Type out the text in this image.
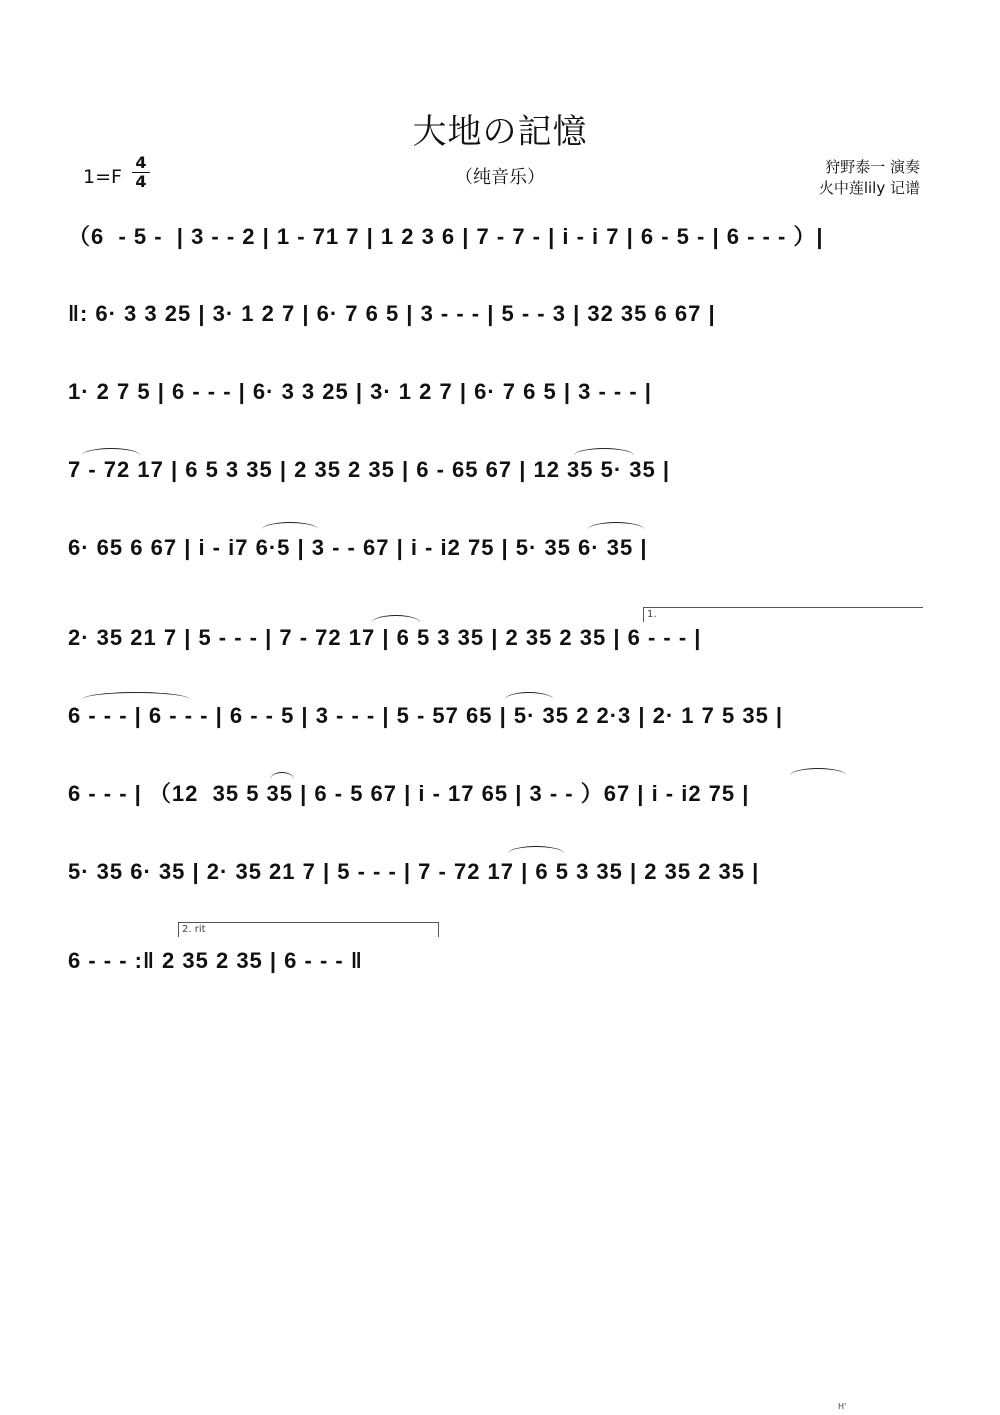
大地の記憶
（纯音乐）
1=F
4
4
狩野泰一 演奏
火中莲lily 记谱
（6  - 5 -  | 3 - - 2 | 1 - 71 7 | 1 2 3 6 | 7 - 7 - | i - i 7 | 6 - 5 - | 6 - - - ）|
‖: 6· 3 3 25 | 3· 1 2 7 | 6· 7 6 5 | 3 - - - | 5 - - 3 | 32 35 6 67 |
1· 2 7 5 | 6 - - - | 6· 3 3 25 | 3· 1 2 7 | 6· 7 6 5 | 3 - - - |
7 - 72 17 | 6 5 3 35 | 2 35 2 35 | 6 - 65 67 | 12 35 5· 35 |
6· 65 6 67 | i - i7 6·5 | 3 - - 67 | i - i2 75 | 5· 35 6· 35 |
2· 35 21 7 | 5 - - - | 7 - 72 17 | 6 5 3 35 | 2 35 2 35 | 6 - - - |
6 - - - | 6 - - - | 6 - - 5 | 3 - - - | 5 - 57 65 | 5· 35 2 2·3 | 2· 1 7 5 35 |
6 - - - | （12  35 5 35 | 6 - 5 67 | i - 17 65 | 3 - - ）67 | i - i2 75 |
5· 35 6· 35 | 2· 35 21 7 | 5 - - - | 7 - 72 17 | 6 5 3 35 | 2 35 2 35 |
6 - - - :‖ 2 35 2 35 | 6 - - - ‖
1.
2. rit
H'
